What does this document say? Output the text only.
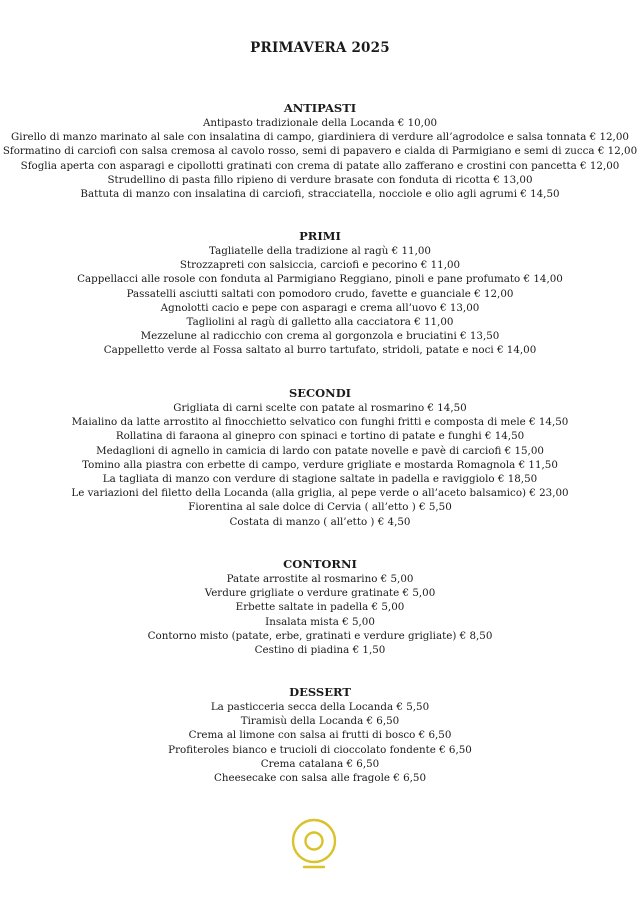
PRIMAVERA 2025
ANTIPASTI
Antipasto tradizionale della Locanda € 10,00
Girello di manzo marinato al sale con insalatina di campo, giardiniera di verdure all’agrodolce e salsa tonnata € 12,00
Sformatino di carciofi con salsa cremosa al cavolo rosso, semi di papavero e cialda di Parmigiano e semi di zucca € 12,00
Sfoglia aperta con asparagi e cipollotti gratinati con crema di patate allo zafferano e crostini con pancetta € 12,00
Strudellino di pasta fillo ripieno di verdure brasate con fonduta di ricotta € 13,00
Battuta di manzo con insalatina di carciofi, stracciatella, nocciole e olio agli agrumi € 14,50
PRIMI
Tagliatelle della tradizione al ragù € 11,00
Strozzapreti con salsiccia, carciofi e pecorino € 11,00
Cappellacci alle rosole con fonduta al Parmigiano Reggiano, pinoli e pane profumato € 14,00
Passatelli asciutti saltati con pomodoro crudo, favette e guanciale € 12,00
Agnolotti cacio e pepe con asparagi e crema all’uovo € 13,00
Tagliolini al ragù di galletto alla cacciatora € 11,00
Mezzelune al radicchio con crema al gorgonzola e bruciatini € 13,50
Cappelletto verde al Fossa saltato al burro tartufato, stridoli, patate e noci € 14,00
SECONDI
Grigliata di carni scelte con patate al rosmarino € 14,50
Maialino da latte arrostito al finocchietto selvatico con funghi fritti e composta di mele € 14,50
Rollatina di faraona al ginepro con spinaci e tortino di patate e funghi € 14,50
Medaglioni di agnello in camicia di lardo con patate novelle e pavè di carciofi € 15,00
Tomino alla piastra con erbette di campo, verdure grigliate e mostarda Romagnola € 11,50
La tagliata di manzo con verdure di stagione saltate in padella e raviggiolo € 18,50
Le variazioni del filetto della Locanda (alla griglia, al pepe verde o all’aceto balsamico) € 23,00
Fiorentina al sale dolce di Cervia ( all’etto ) € 5,50
Costata di manzo ( all’etto ) € 4,50
CONTORNI
Patate arrostite al rosmarino € 5,00
Verdure grigliate o verdure gratinate € 5,00
Erbette saltate in padella € 5,00
Insalata mista € 5,00
Contorno misto (patate, erbe, gratinati e verdure grigliate) € 8,50
Cestino di piadina € 1,50
DESSERT
La pasticceria secca della Locanda € 5,50
Tiramisù della Locanda € 6,50
Crema al limone con salsa ai frutti di bosco € 6,50
Profiteroles bianco e trucioli di cioccolato fondente € 6,50
Crema catalana € 6,50
Cheesecake con salsa alle fragole € 6,50
